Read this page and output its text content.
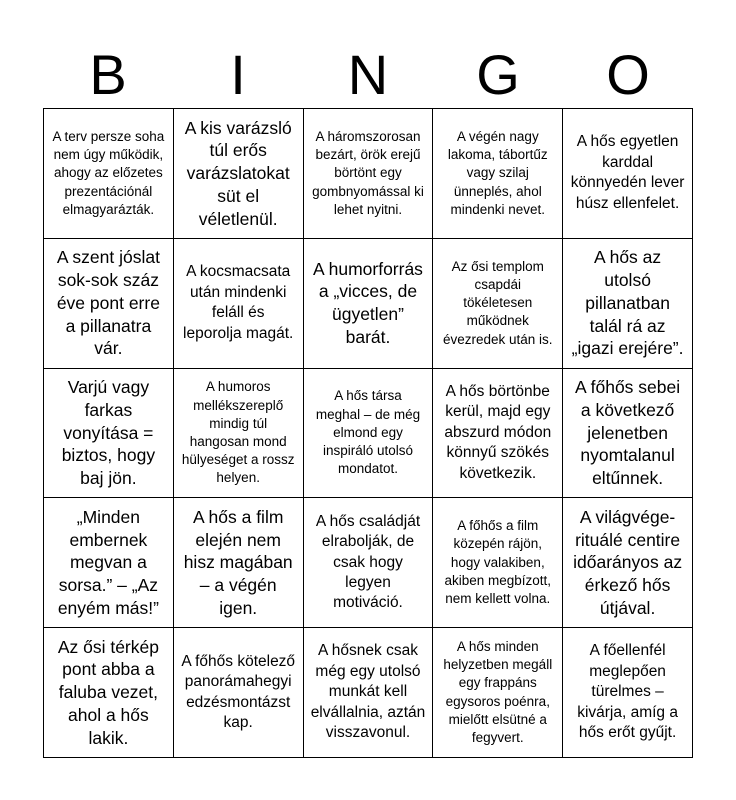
B	I	N	G	O
A terv persze soha nem úgy működik, ahogy az előzetes prezentációnál elmagyarázták.
A kis varázsló túl erős varázslatokat süt el véletlenül.
A háromszorosan bezárt, örök erejű börtönt egy gombnyomással ki lehet nyitni.
A végén nagy lakoma, tábortűz vagy szilaj ünneplés, ahol mindenki nevet.
A hős egyetlen karddal könnyedén lever húsz ellenfelet.
A szent jóslat sok-sok száz éve pont erre a pillanatra vár.
A kocsmacsata után mindenki feláll és leporolja magát.
A humorforrás a „vicces, de ügyetlen” barát.
Az ősi templom csapdái tökéletesen működnek évezredek után is.
A hős az utolsó pillanatban talál rá az „igazi erejére”.
Varjú vagy farkas vonyítása = biztos, hogy baj jön.
A humoros mellékszereplő mindig túl hangosan mond hülyeséget a rossz helyen.
A hős társa meghal – de még elmond egy inspiráló utolsó mondatot.
A hős börtönbe kerül, majd egy abszurd módon könnyű szökés következik.
A főhős sebei a következő jelenetben nyomtalanul eltűnnek.
„Minden embernek megvan a sorsa.” – „Az enyém más!”
A hős a film elején nem hisz magában – a végén igen.
A hős családját elrabolják, de csak hogy legyen motiváció.
A főhős a film közepén rájön, hogy valakiben, akiben megbízott, nem kellett volna.
A világvége-rituálé centire időarányos az érkező hős útjával.
Az ősi térkép pont abba a faluba vezet, ahol a hős lakik.
A főhős kötelező panorámahegyi edzésmontázst kap.
A hősnek csak még egy utolsó munkát kell elvállalnia, aztán visszavonul.
A hős minden helyzetben megáll egy frappáns egysoros poénra, mielőtt elsütné a fegyvert.
A főellenfél meglepően türelmes – kivárja, amíg a hős erőt gyűjt.
